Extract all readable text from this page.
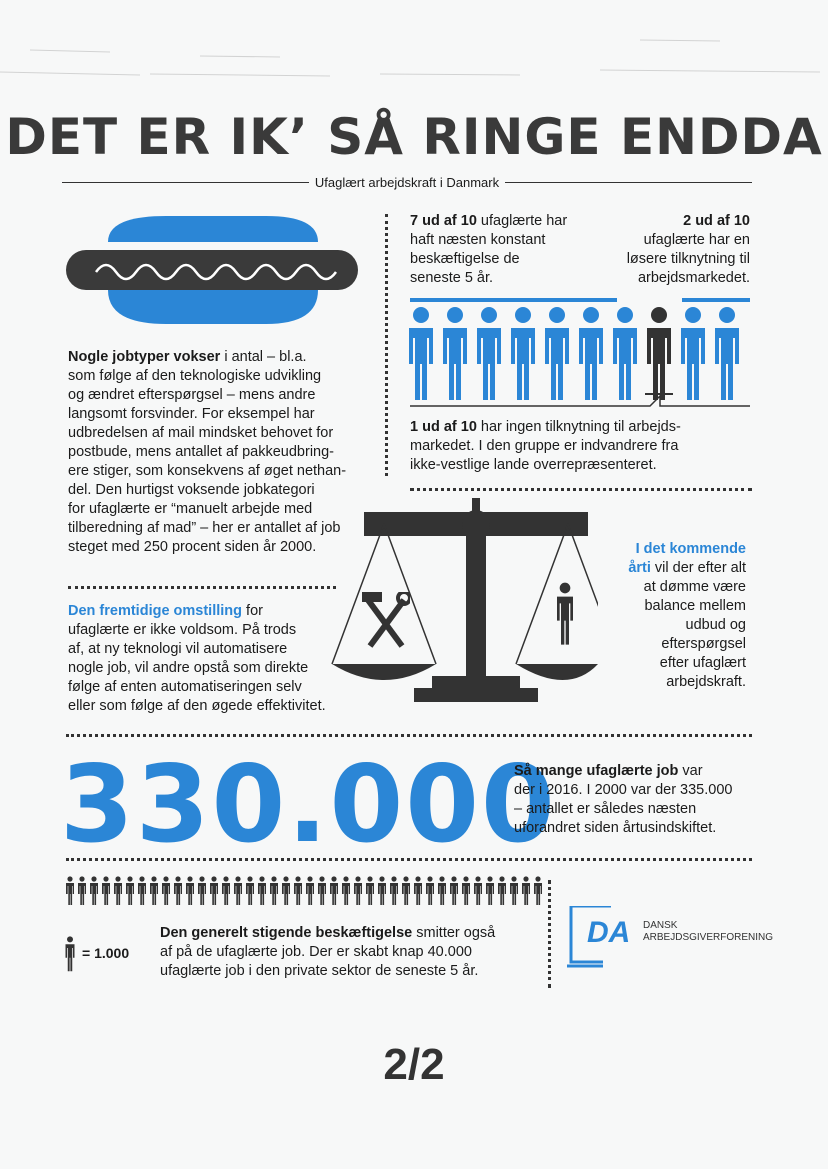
DET ER IK’ SÅ RINGE ENDDA
Ufaglært arbejdskraft i Danmark
Nogle jobtyper vokser i antal – bl.a.
som følge af den teknologiske udvikling
og ændret efterspørgsel – mens andre
langsomt forsvinder. For eksempel har
udbredelsen af mail mindsket behovet for
postbude, mens antallet af pakkeudbring-
ere stiger, som konsekvens af øget nethan-
del. Den hurtigst voksende jobkategori
for ufaglærte er “manuelt arbejde med
tilberedning af mad” – her er antallet af job
steget med 250 procent siden år 2000.
Den fremtidige omstilling for
ufaglærte er ikke voldsom. På trods
af, at ny teknologi vil automatisere
nogle job, vil andre opstå som direkte
følge af enten automatiseringen selv
eller som følge af den øgede effektivitet.
7 ud af 10 ufaglærte har
haft næsten konstant
beskæftigelse de
seneste 5 år.
2 ud af 10
ufaglærte har en
løsere tilknytning til
arbejdsmarkedet.
1 ud af 10 har ingen tilknytning til arbejds-
markedet. I den gruppe er indvandrere fra
ikke-vestlige lande overrepræsenteret.
I det kommende
årti vil der efter alt
at dømme være
balance mellem
udbud og
efterspørgsel
efter ufaglært
arbejdskraft.
330.000
Så mange ufaglærte job var
der i 2016. I 2000 var der 335.000
– antallet er således næsten
uforandret siden årtusindskiftet.
= 1.000
Den generelt stigende beskæftigelse smitter også
af på de ufaglærte job. Der er skabt knap 40.000
ufaglærte job i den private sektor de seneste 5 år.
DA DANSK
ARBEJDSGIVERFORENING
2/2
